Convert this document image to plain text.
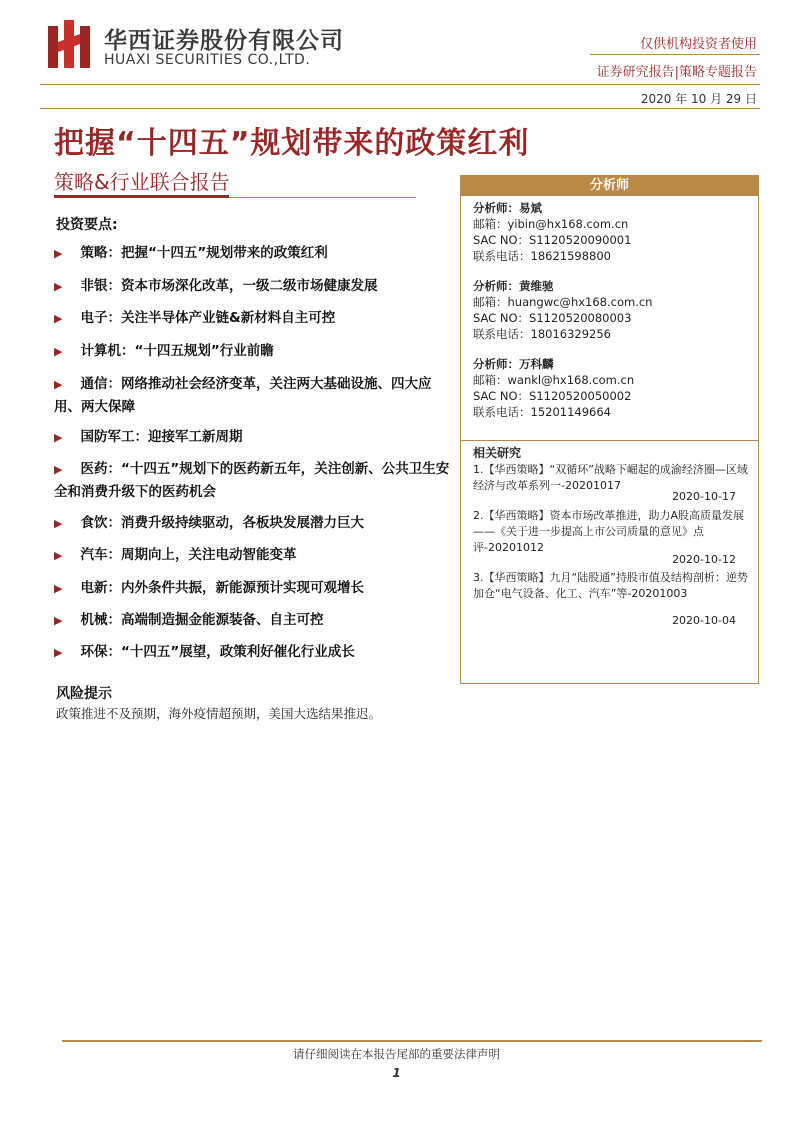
华西证券股份有限公司
HUAXI SECURITIES CO.,LTD.
仅供机构投资者使用
证券研究报告|策略专题报告
2020 年 10 月 29 日
把握“十四五”规划带来的政策红利
策略&行业联合报告
投资要点:
▶ 策略：把握“十四五”规划带来的政策红利
▶ 非银：资本市场深化改革，一级二级市场健康发展
▶ 电子：关注半导体产业链&新材料自主可控
▶ 计算机：“十四五规划”行业前瞻
▶ 通信：网络推动社会经济变革，关注两大基础设施、四大应用、两大保障
▶ 国防军工：迎接军工新周期
▶ 医药：“十四五”规划下的医药新五年，关注创新、公共卫生安全和消费升级下的医药机会
▶ 食饮：消费升级持续驱动，各板块发展潜力巨大
▶ 汽车：周期向上，关注电动智能变革
▶ 电新：内外条件共振，新能源预计实现可观增长
▶ 机械：高端制造掘金能源装备、自主可控
▶ 环保：“十四五”展望，政策利好催化行业成长
风险提示
政策推进不及预期，海外疫情超预期，美国大选结果推迟。
分析师
分析师：易斌
邮箱：yibin@hx168.com.cn
SAC NO：S1120520090001
联系电话：18621598800
分析师：黄维驰
邮箱：huangwc@hx168.com.cn
SAC NO：S1120520080003
联系电话：18016329256
分析师：万科麟
邮箱：wankl@hx168.com.cn
SAC NO：S1120520050002
联系电话：15201149664
相关研究
1.【华西策略】“双循环”战略下崛起的成渝经济圈—区域经济与改革系列一-20201017
2020-10-17
2.【华西策略】资本市场改革推进，助力A股高质量发展——《关于进一步提高上市公司质量的意见》点评-20201012
2020-10-12
3.【华西策略】九月“陆股通”持股市值及结构剖析：逆势加仓“电气设备、化工、汽车”等-20201003
2020-10-04
请仔细阅读在本报告尾部的重要法律声明
1
